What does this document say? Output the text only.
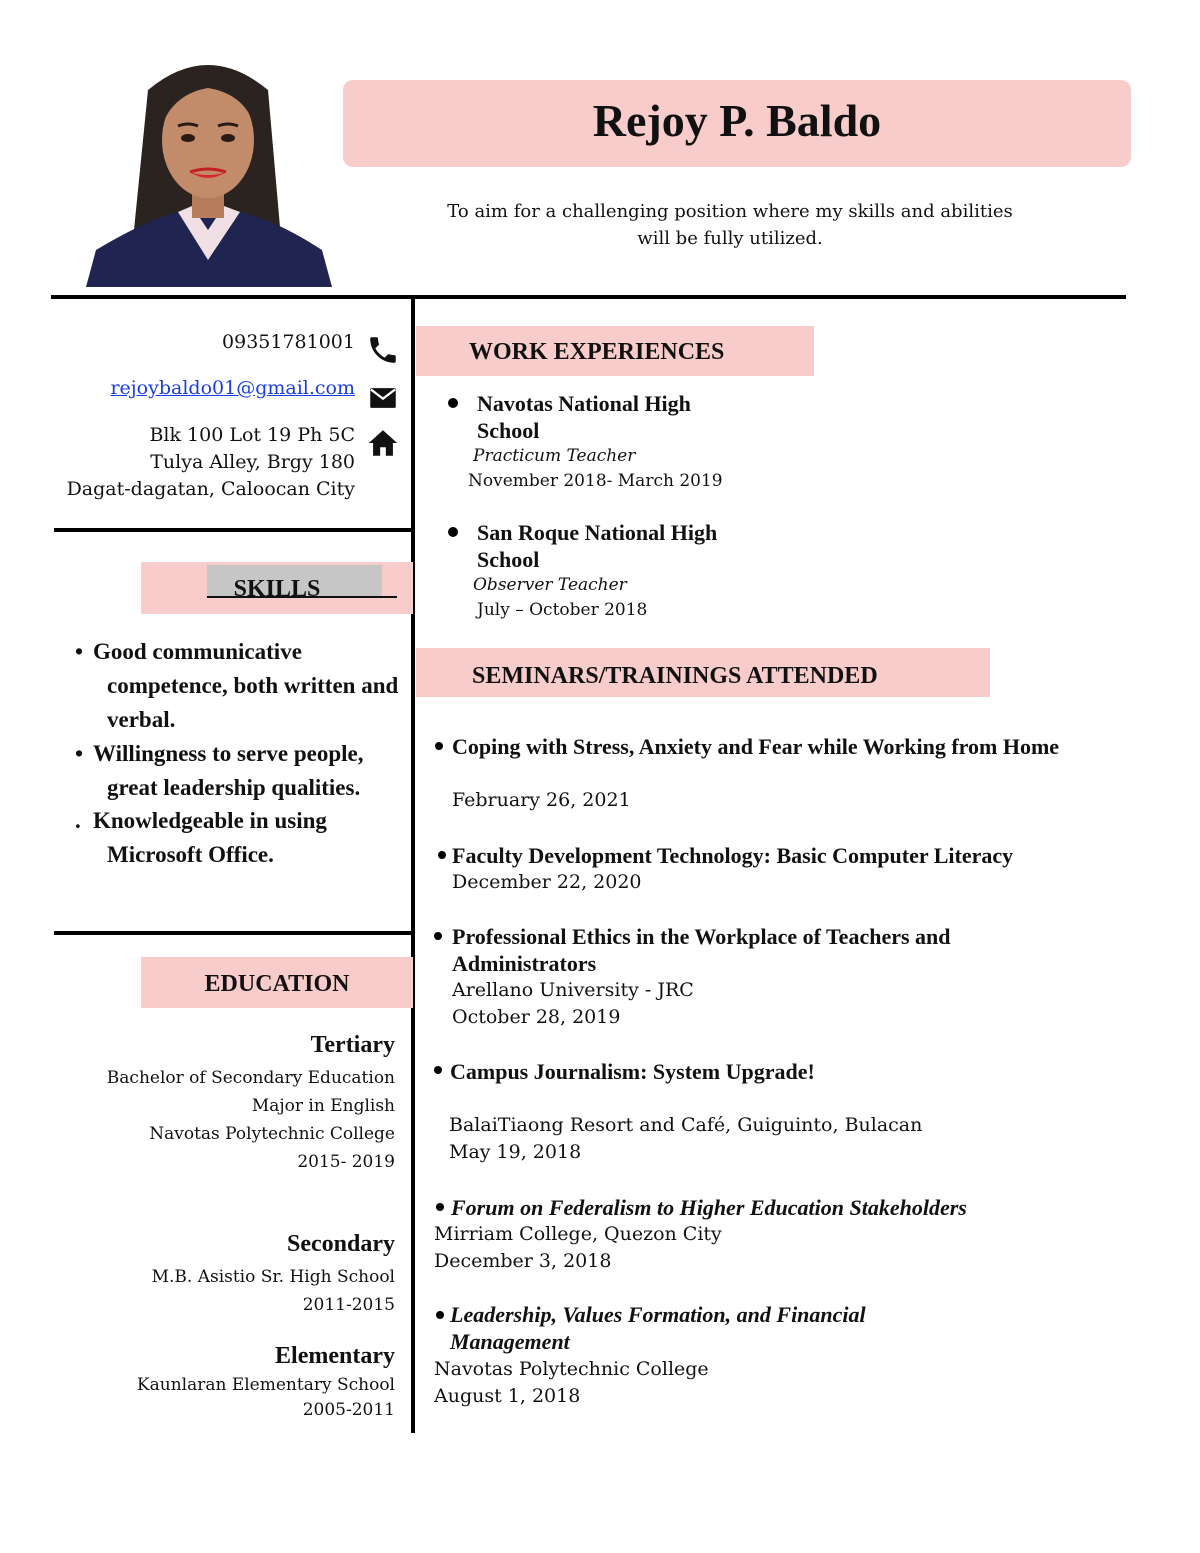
Rejoy P. Baldo
To aim for a challenging position where my skills and abilities will be fully utilized.
09351781001
rejoybaldo01@gmail.com
Blk 100 Lot 19 Ph 5C
Tulya Alley, Brgy 180
Dagat-dagatan, Caloocan City
SKILLS
• Good communicative competence, both written and verbal.
• Willingness to serve people, great leadership qualities.
. Knowledgeable in using Microsoft Office.
EDUCATION
Tertiary
Bachelor of Secondary Education
Major in English
Navotas Polytechnic College
2015- 2019
Secondary
M.B. Asistio Sr. High School
2011-2015
Elementary
Kaunlaran Elementary School
2005-2011
WORK EXPERIENCES
Navotas National High School
Practicum Teacher
November 2018- March 2019
San Roque National High School
Observer Teacher
July – October 2018
SEMINARS/TRAININGS ATTENDED
Coping with Stress, Anxiety and Fear while Working from Home
February 26, 2021
Faculty Development Technology: Basic Computer Literacy
December 22, 2020
Professional Ethics in the Workplace of Teachers and Administrators
Arellano University - JRC
October 28, 2019
Campus Journalism: System Upgrade!
BalaiTiaong Resort and Café, Guiguinto, Bulacan
May 19, 2018
Forum on Federalism to Higher Education Stakeholders
Mirriam College, Quezon City
December 3, 2018
Leadership, Values Formation, and Financial Management
Navotas Polytechnic College
August 1, 2018
